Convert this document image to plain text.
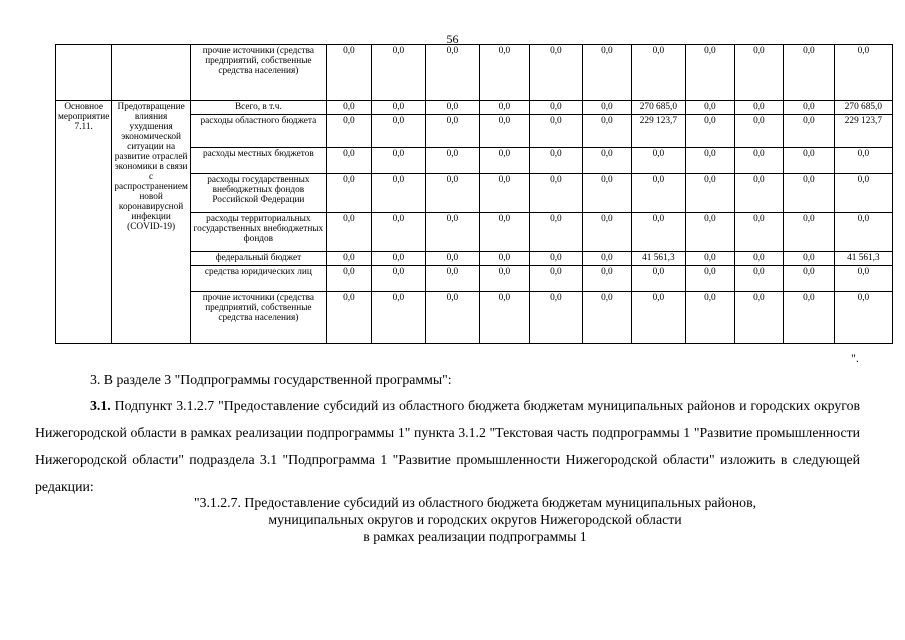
56
		прочие источники (средства предприятий, собственные средства населения)	0,0	0,0	0,0	0,0	0,0	0,0	0,0	0,0	0,0	0,0	0,0
Основное мероприятие 7.11.	Предотвращение влияния ухудшения экономической ситуации на развитие отраслей экономики в связи с распространением новой коронавирусной инфекции (COVID-19)	Всего, в т.ч.	0,0	0,0	0,0	0,0	0,0	0,0	270 685,0	0,0	0,0	0,0	270 685,0
		расходы областного бюджета	0,0	0,0	0,0	0,0	0,0	0,0	229 123,7	0,0	0,0	0,0	229 123,7
		расходы местных бюджетов	0,0	0,0	0,0	0,0	0,0	0,0	0,0	0,0	0,0	0,0	0,0
		расходы государственных внебюджетных фондов Российской Федерации	0,0	0,0	0,0	0,0	0,0	0,0	0,0	0,0	0,0	0,0	0,0
		расходы территориальных государственных внебюджетных фондов	0,0	0,0	0,0	0,0	0,0	0,0	0,0	0,0	0,0	0,0	0,0
		федеральный бюджет	0,0	0,0	0,0	0,0	0,0	0,0	41 561,3	0,0	0,0	0,0	41 561,3
		средства юридических лиц	0,0	0,0	0,0	0,0	0,0	0,0	0,0	0,0	0,0	0,0	0,0
		прочие источники (средства предприятий, собственные средства населения)	0,0	0,0	0,0	0,0	0,0	0,0	0,0	0,0	0,0	0,0	0,0
".
3. В разделе 3 "Подпрограммы государственной программы":
3.1. Подпункт 3.1.2.7 "Предоставление субсидий из областного бюджета бюджетам муниципальных районов и городских округов Нижегородской области в рамках реализации подпрограммы 1" пункта 3.1.2 "Текстовая часть подпрограммы 1 "Развитие промышленности Нижегородской области" подраздела 3.1 "Подпрограмма 1 "Развитие промышленности Нижегородской области" изложить в следующей редакции:
"3.1.2.7. Предоставление субсидий из областного бюджета бюджетам муниципальных районов,
муниципальных округов и городских округов Нижегородской области
в рамках реализации подпрограммы 1
